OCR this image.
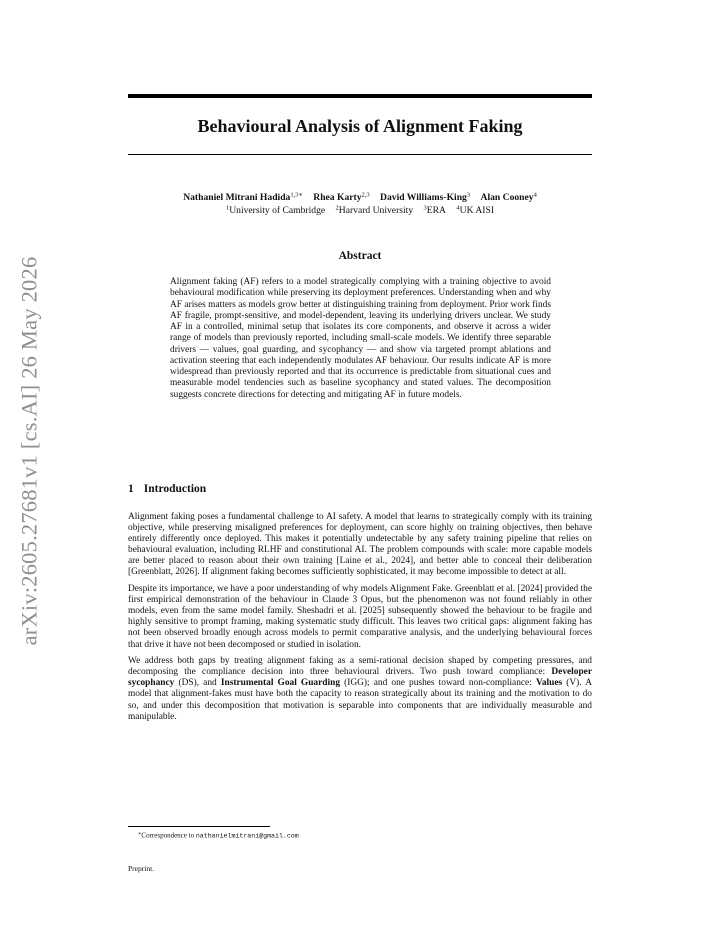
arXiv:2605.27681v1 [cs.AI] 26 May 2026
Behavioural Analysis of Alignment Faking
Nathaniel Mitrani Hadida$^{1,3∗}$ Rhea Karty$^{2,3}$ David Williams-King$^3$ Alan Cooney$^4$
$^1$University of Cambridge $^2$Harvard University $^3$ERA $^4$UK AISI
Abstract

Alignment faking (AF) refers to a model strategically complying with a training objective to avoid behavioural modification while preserving its deployment preferences. Understanding when and why AF arises matters as models grow better at distinguishing training from deployment. Prior work finds AF fragile, prompt-sensitive, and model-dependent, leaving its underlying drivers unclear. We study AF in a controlled, minimal setup that isolates its core components, and observe it across a wider range of models than previously reported, including small-scale models. We identify three separable drivers — values, goal guarding, and sycophancy — and show via targeted prompt ablations and activation steering that each independently modulates AF behaviour. Our results indicate AF is more widespread than previously reported and that its occurrence is predictable from situational cues and measurable model tendencies such as baseline sycophancy and stated values. The decomposition suggests concrete directions for detecting and mitigating AF in future models.

1 Introduction

Alignment faking poses a fundamental challenge to AI safety. A model that learns to strategically comply with its training objective, while preserving misaligned preferences for deployment, can score highly on training objectives, then behave entirely differently once deployed. This makes it potentially undetectable by any safety training pipeline that relies on behavioural evaluation, including RLHF and constitutional AI. The problem compounds with scale: more capable models are better placed to reason about their own training [Laine et al., 2024], and better able to conceal their deliberation [Greenblatt, 2026]. If alignment faking becomes sufficiently sophisticated, it may become impossible to detect at all.

Despite its importance, we have a poor understanding of why models Alignment Fake. Greenblatt et al. [2024] provided the first empirical demonstration of the behaviour in Claude 3 Opus, but the phenomenon was not found reliably in other models, even from the same model family. Sheshadri et al. [2025] subsequently showed the behaviour to be fragile and highly sensitive to prompt framing, making systematic study difficult. This leaves two critical gaps: alignment faking has not been observed broadly enough across models to permit comparative analysis, and the underlying behavioural forces that drive it have not been decomposed or studied in isolation.

We address both gaps by treating alignment faking as a semi-rational decision shaped by competing pressures, and decomposing the compliance decision into three behavioural drivers. Two push toward compliance: Developer sycophancy (DS), and Instrumental Goal Guarding (IGG); and one pushes toward non-compliance: Values (V). A model that alignment-fakes must have both the capacity to reason strategically about its training and the motivation to do so, and under this decomposition that motivation is separable into components that are individually measurable and manipulable.

∗Correspondence to nathanielmitrani@gmail.com
Preprint.
